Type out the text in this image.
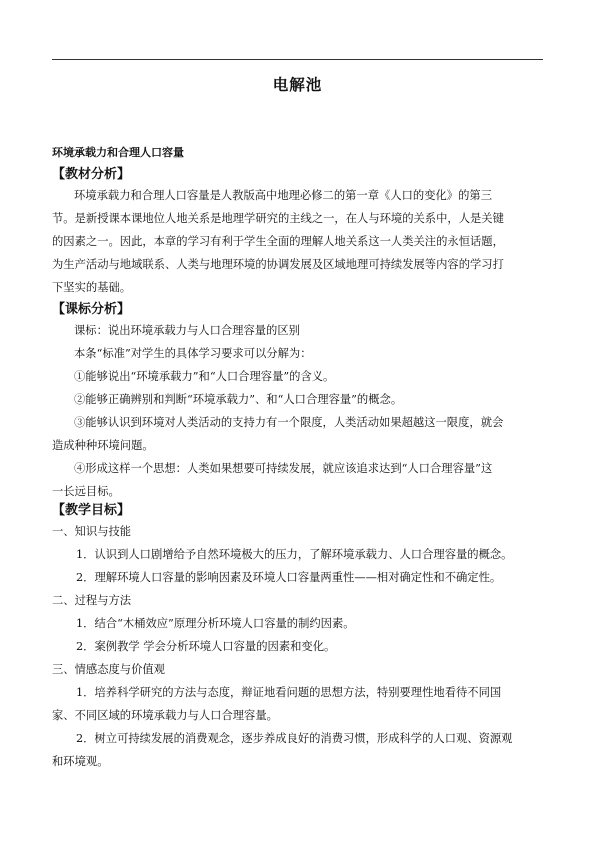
电解池
环境承载力和合理人口容量
【教材分析】
环境承载力和合理人口容量是人教版高中地理必修二的第一章《人口的变化》的第三
节。是新授课本课地位人地关系是地理学研究的主线之一，在人与环境的关系中，人是关键
的因素之一。因此，本章的学习有利于学生全面的理解人地关系这一人类关注的永恒话题，
为生产活动与地域联系、人类与地理环境的协调发展及区域地理可持续发展等内容的学习打
下坚实的基础。
【课标分析】
课标：说出环境承载力与人口合理容量的区别
本条“标准”对学生的具体学习要求可以分解为：
①能够说出“环境承载力”和“人口合理容量”的含义。
②能够正确辨别和判断“环境承载力”、和“人口合理容量”的概念。
③能够认识到环境对人类活动的支持力有一个限度，人类活动如果超越这一限度，就会
造成种种环境问题。
④形成这样一个思想：人类如果想要可持续发展，就应该追求达到“人口合理容量”这
一长远目标。
【教学目标】
一、知识与技能
1．认识到人口剧增给予自然环境极大的压力，了解环境承载力、人口合理容量的概念。
2．理解环境人口容量的影响因素及环境人口容量两重性——相对确定性和不确定性。
二、过程与方法
1．结合“木桶效应”原理分析环境人口容量的制约因素。
2．案例教学 学会分析环境人口容量的因素和变化。
三、情感态度与价值观
1．培养科学研究的方法与态度，辩证地看问题的思想方法，特别要理性地看待不同国
家、不同区域的环境承载力与人口合理容量。
2．树立可持续发展的消费观念，逐步养成良好的消费习惯，形成科学的人口观、资源观
和环境观。
